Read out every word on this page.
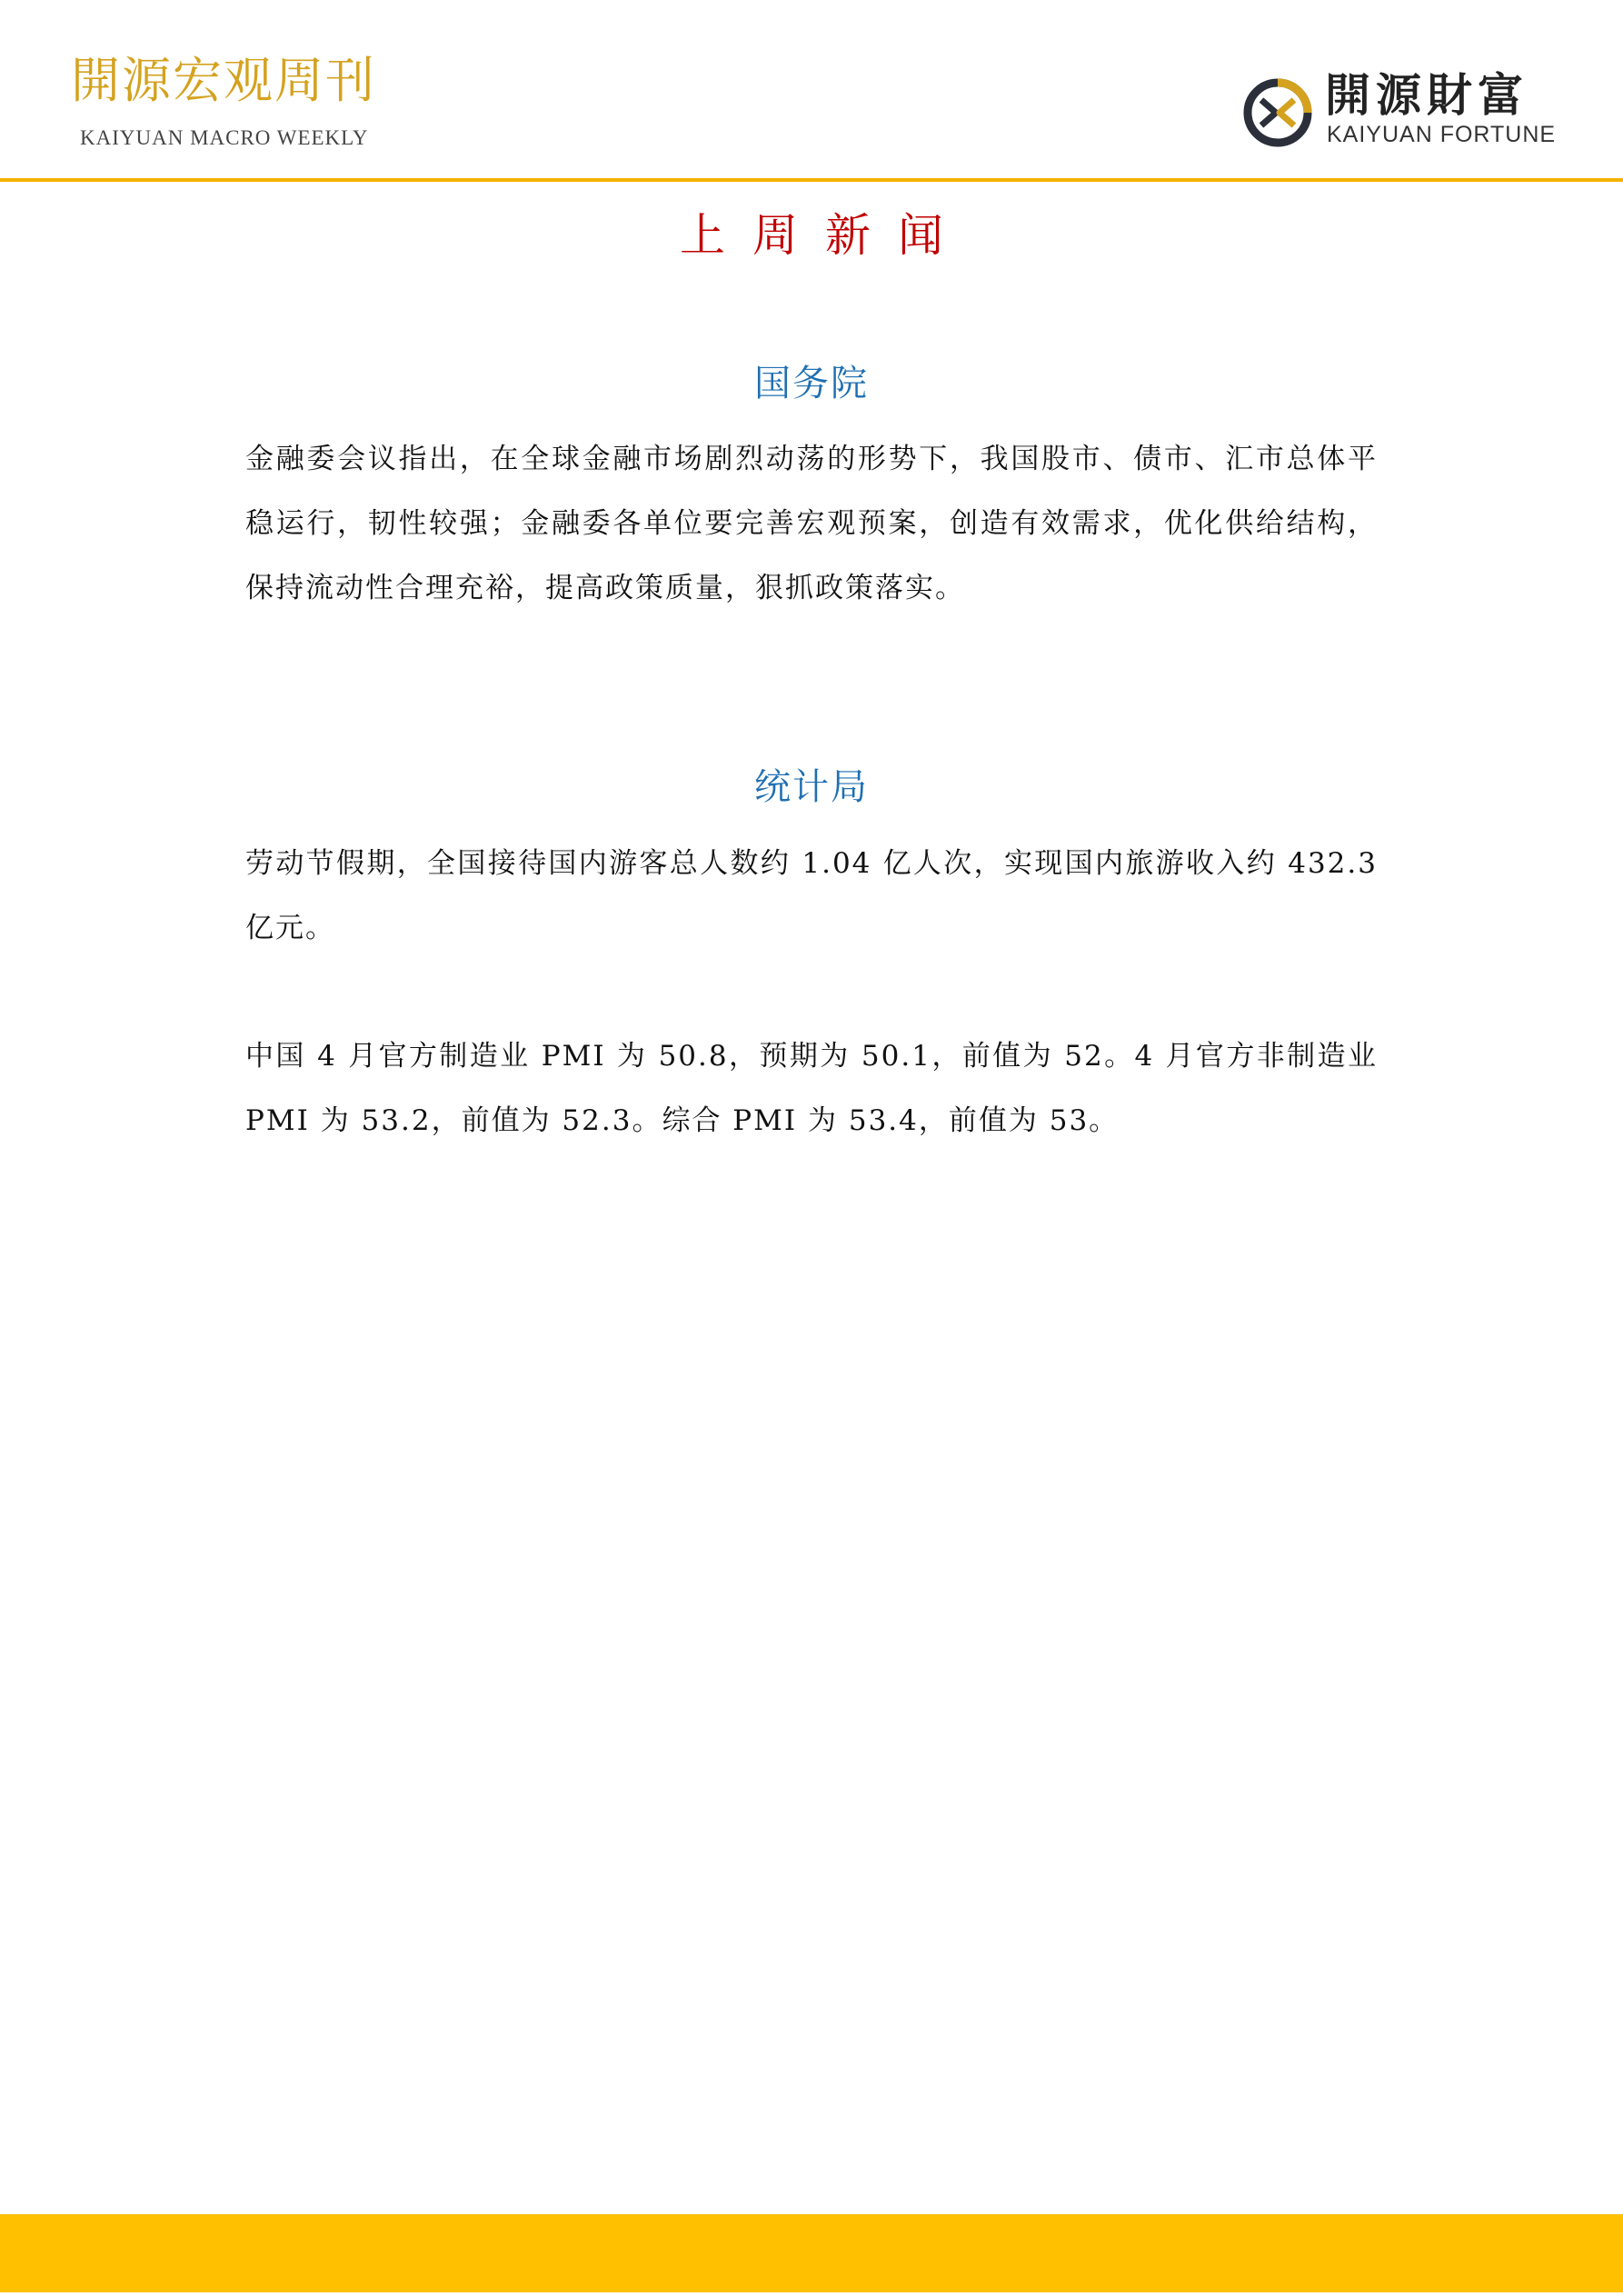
開源宏观周刊
KAIYUAN MACRO WEEKLY
開源財富
KAIYUAN FORTUNE
上周新闻
国务院

金融委会议指出，在全球金融市场剧烈动荡的形势下，我国股市、债市、汇市总体平稳运行，韧性较强；金融委各单位要完善宏观预案，创造有效需求，优化供给结构，保持流动性合理充裕，提高政策质量，狠抓政策落实。

统计局

劳动节假期，全国接待国内游客总人数约 1.04 亿人次，实现国内旅游收入约 432.3 亿元。

中国 4 月官方制造业 PMI 为 50.8，预期为 50.1，前值为 52。4 月官方非制造业 PMI 为 53.2，前值为 52.3。综合 PMI 为 53.4，前值为 53。
